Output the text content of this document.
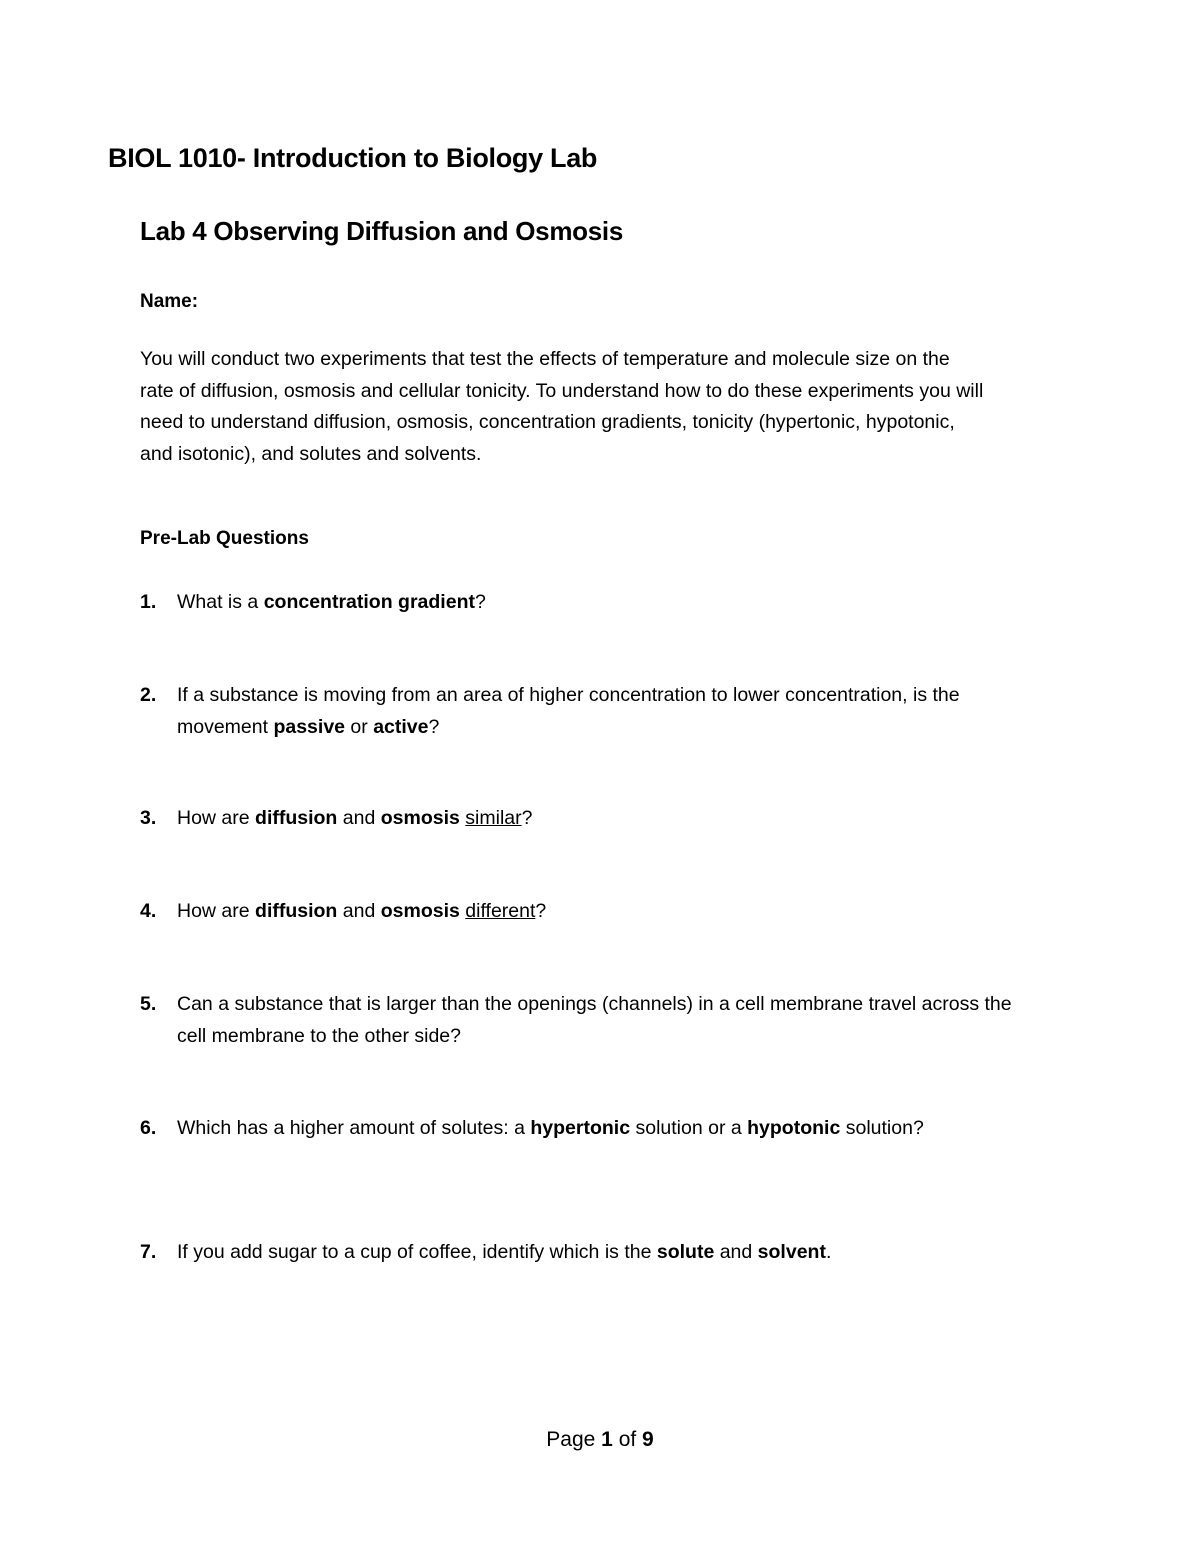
BIOL 1010- Introduction to Biology Lab
Lab 4 Observing Diffusion and Osmosis
Name:
You will conduct two experiments that test the effects of temperature and molecule size on the
rate of diffusion, osmosis and cellular tonicity. To understand how to do these experiments you will
need to understand diffusion, osmosis, concentration gradients, tonicity (hypertonic, hypotonic,
and isotonic), and solutes and solvents.
Pre-Lab Questions
1. What is a concentration gradient?
2. If a substance is moving from an area of higher concentration to lower concentration, is the
movement passive or active?
3. How are diffusion and osmosis similar?
4. How are diffusion and osmosis different?
5. Can a substance that is larger than the openings (channels) in a cell membrane travel across the
cell membrane to the other side?
6. Which has a higher amount of solutes: a hypertonic solution or a hypotonic solution?
7. If you add sugar to a cup of coffee, identify which is the solute and solvent.
Page 1 of 9
